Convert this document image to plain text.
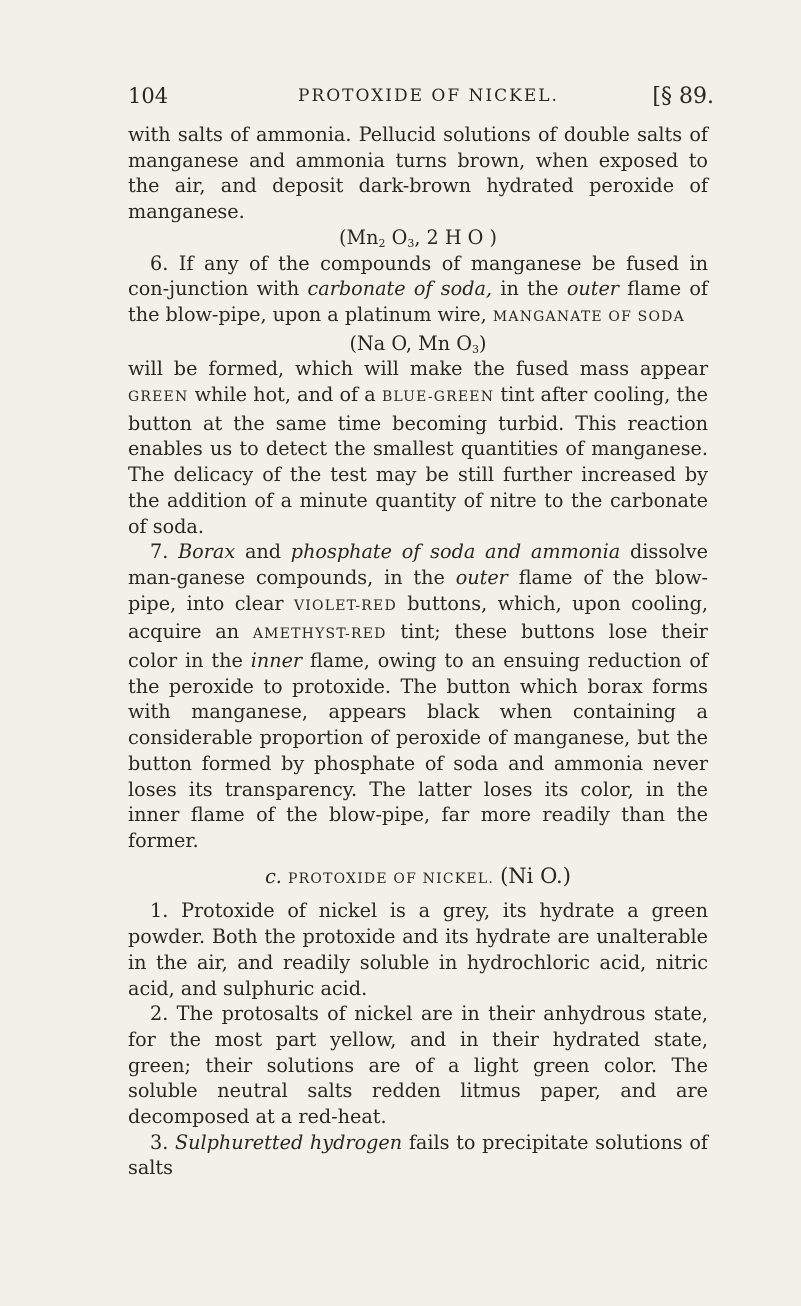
104	PROTOXIDE OF NICKEL.	[§ 89.

with salts of ammonia. Pellucid solutions of double salts of manganese and ammonia turns brown, when exposed to the air, and deposit dark-brown hydrated peroxide of manganese.

($Mn_2$ $O_3$, 2 H O )

6. If any of the compounds of manganese be fused in con-junction with carbonate of soda, in the outer flame of the blow-pipe, upon a platinum wire, MANGANATE OF SODA

(Na O, Mn $O_3$)

will be formed, which will make the fused mass appear GREEN while hot, and of a BLUE-GREEN tint after cooling, the button at the same time becoming turbid. This reaction enables us to detect the smallest quantities of manganese. The delicacy of the test may be still further increased by the addition of a minute quantity of nitre to the carbonate of soda.

7. Borax and phosphate of soda and ammonia dissolve man-ganese compounds, in the outer flame of the blow-pipe, into clear VIOLET-RED buttons, which, upon cooling, acquire an AMETHYST-RED tint; these buttons lose their color in the inner flame, owing to an ensuing reduction of the peroxide to protoxide. The button which borax forms with manganese, appears black when containing a considerable proportion of peroxide of manganese, but the button formed by phosphate of soda and ammonia never loses its transparency. The latter loses its color, in the inner flame of the blow-pipe, far more readily than the former.

c. PROTOXIDE OF NICKEL. (Ni O.)

1. Protoxide of nickel is a grey, its hydrate a green powder. Both the protoxide and its hydrate are unalterable in the air, and readily soluble in hydrochloric acid, nitric acid, and sulphuric acid.

2. The protosalts of nickel are in their anhydrous state, for the most part yellow, and in their hydrated state, green; their solutions are of a light green color. The soluble neutral salts redden litmus paper, and are decomposed at a red-heat.

3. Sulphuretted hydrogen fails to precipitate solutions of salts
